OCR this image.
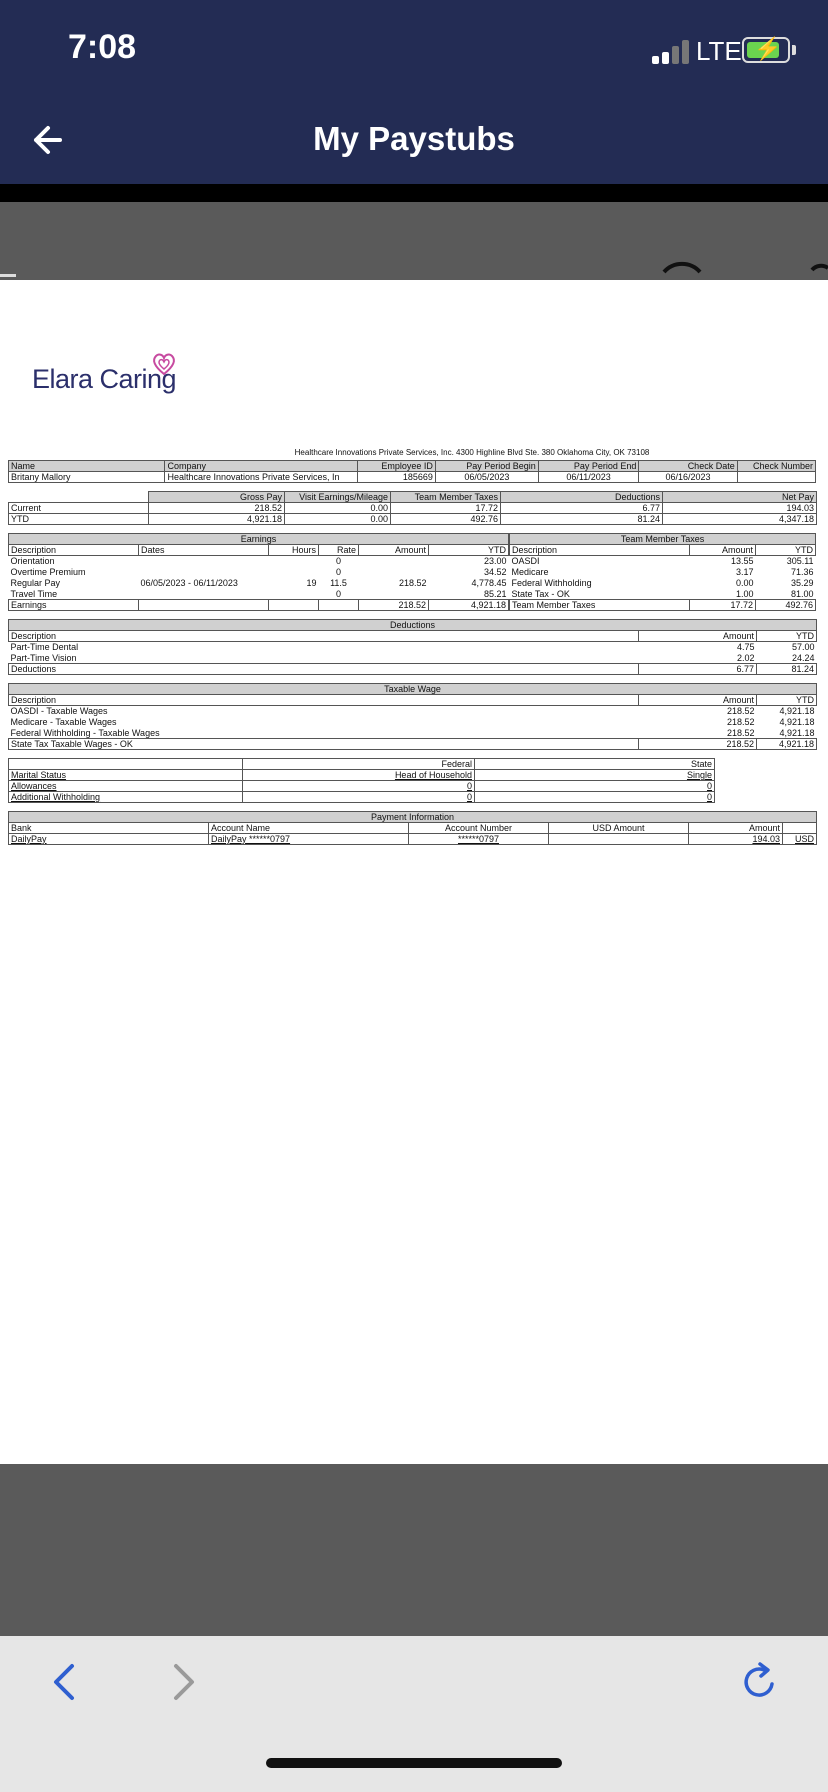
7:08	LTE ⚡
My Paystubs
Elara Caring
Healthcare Innovations Private Services, Inc. 4300 Highline Blvd Ste. 380 Oklahoma City, OK 73108
Name	Company	Employee ID	Pay Period Begin	Pay Period End	Check Date	Check Number
Britany Mallory	Healthcare Innovations Private Services, In	185669	06/05/2023	06/11/2023	06/16/2023	
	Gross Pay	Visit Earnings/Mileage	Team Member Taxes	Deductions	Net Pay
Current	218.52	0.00	17.72	6.77	194.03
YTD	4,921.18	0.00	492.76	81.24	4,347.18
Earnings					
Description	Dates	Hours	Rate	Amount	YTD
Orientation			0		23.00
Overtime Premium			0		34.52
Regular Pay	06/05/2023 - 06/11/2023	19	11.5	218.52	4,778.45
Travel Time			0		85.21
Earnings				218.52	4,921.18
Team Member Taxes		
Description	Amount	YTD
OASDI	13.55	305.11
Medicare	3.17	71.36
Federal Withholding	0.00	35.29
State Tax - OK	1.00	81.00
Team Member Taxes	17.72	492.76
Deductions		
Description	Amount	YTD
Part-Time Dental	4.75	57.00
Part-Time Vision	2.02	24.24
Deductions	6.77	81.24
Taxable Wage		
Description	Amount	YTD
OASDI - Taxable Wages	218.52	4,921.18
Medicare - Taxable Wages	218.52	4,921.18
Federal Withholding - Taxable Wages	218.52	4,921.18
State Tax Taxable Wages - OK	218.52	4,921.18
	Federal	State
Marital Status	Head of Household	Single
Allowances	0	0
Additional Withholding	0	0
Payment Information					
Bank	Account Name	Account Number	USD Amount	Amount	
DailyPay	DailyPay ******0797	******0797		194.03	USD
